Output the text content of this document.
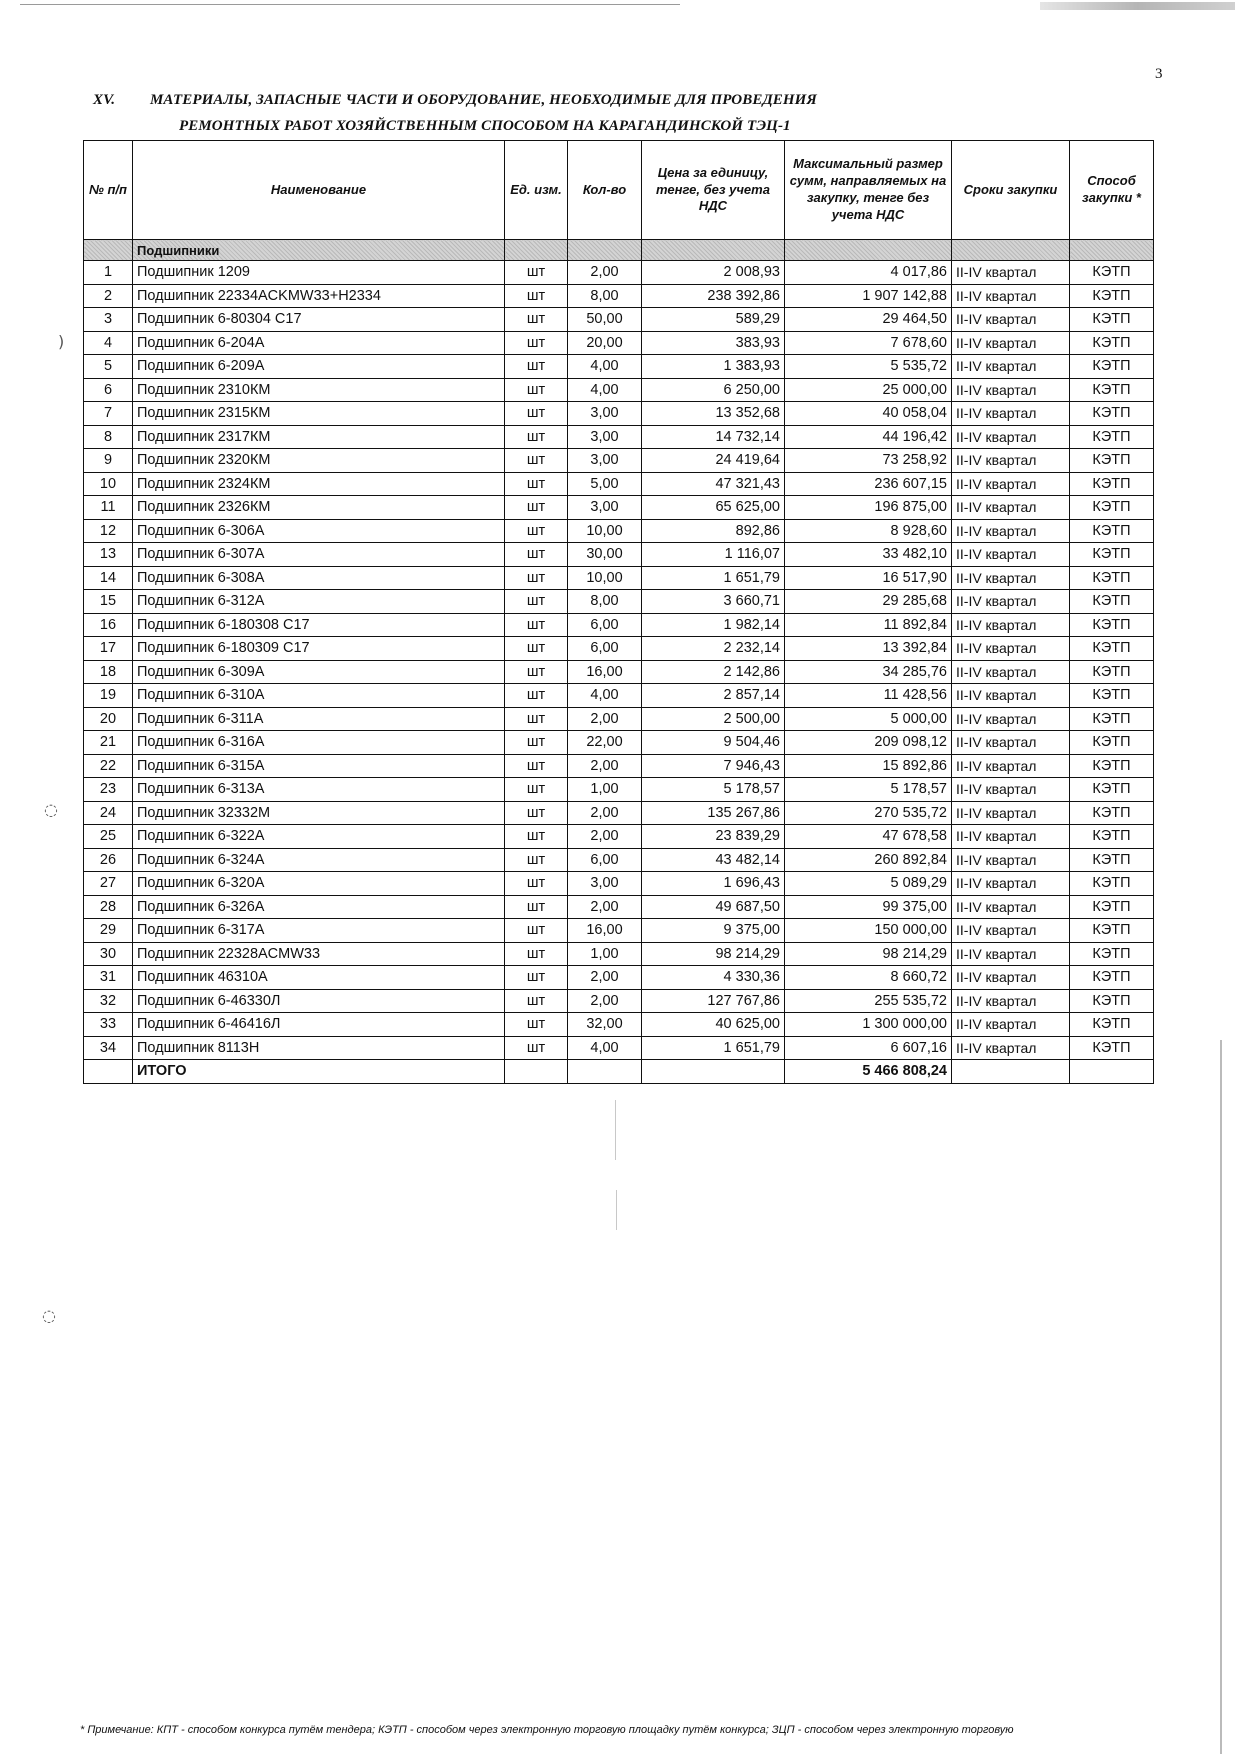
3
XV. МАТЕРИАЛЫ, ЗАПАСНЫЕ ЧАСТИ И ОБОРУДОВАНИЕ, НЕОБХОДИМЫЕ ДЛЯ ПРОВЕДЕНИЯ
РЕМОНТНЫХ РАБОТ ХОЗЯЙСТВЕННЫМ СПОСОБОМ НА КАРАГАНДИНСКОЙ ТЭЦ-1
№ п/п	Наименование	Ед. изм.	Кол-во	Цена за единицу, тенге, без учета НДС	Максимальный размер сумм, направляемых на закупку, тенге без учета НДС	Сроки закупки	Способ закупки *
	Подшипники						
1	Подшипник 1209	шт	2,00	2 008,93	4 017,86	II-IV квартал	КЭТП
2	Подшипник 22334ACKMW33+H2334	шт	8,00	238 392,86	1 907 142,88	II-IV квартал	КЭТП
3	Подшипник 6-80304 С17	шт	50,00	589,29	29 464,50	II-IV квартал	КЭТП
4	Подшипник 6-204А	шт	20,00	383,93	7 678,60	II-IV квартал	КЭТП
5	Подшипник 6-209А	шт	4,00	1 383,93	5 535,72	II-IV квартал	КЭТП
6	Подшипник 2310КМ	шт	4,00	6 250,00	25 000,00	II-IV квартал	КЭТП
7	Подшипник 2315КМ	шт	3,00	13 352,68	40 058,04	II-IV квартал	КЭТП
8	Подшипник 2317КМ	шт	3,00	14 732,14	44 196,42	II-IV квартал	КЭТП
9	Подшипник 2320КМ	шт	3,00	24 419,64	73 258,92	II-IV квартал	КЭТП
10	Подшипник 2324КМ	шт	5,00	47 321,43	236 607,15	II-IV квартал	КЭТП
11	Подшипник 2326КМ	шт	3,00	65 625,00	196 875,00	II-IV квартал	КЭТП
12	Подшипник 6-306А	шт	10,00	892,86	8 928,60	II-IV квартал	КЭТП
13	Подшипник 6-307А	шт	30,00	1 116,07	33 482,10	II-IV квартал	КЭТП
14	Подшипник 6-308А	шт	10,00	1 651,79	16 517,90	II-IV квартал	КЭТП
15	Подшипник 6-312А	шт	8,00	3 660,71	29 285,68	II-IV квартал	КЭТП
16	Подшипник 6-180308 С17	шт	6,00	1 982,14	11 892,84	II-IV квартал	КЭТП
17	Подшипник 6-180309 С17	шт	6,00	2 232,14	13 392,84	II-IV квартал	КЭТП
18	Подшипник 6-309А	шт	16,00	2 142,86	34 285,76	II-IV квартал	КЭТП
19	Подшипник 6-310А	шт	4,00	2 857,14	11 428,56	II-IV квартал	КЭТП
20	Подшипник 6-311А	шт	2,00	2 500,00	5 000,00	II-IV квартал	КЭТП
21	Подшипник 6-316А	шт	22,00	9 504,46	209 098,12	II-IV квартал	КЭТП
22	Подшипник 6-315А	шт	2,00	7 946,43	15 892,86	II-IV квартал	КЭТП
23	Подшипник 6-313А	шт	1,00	5 178,57	5 178,57	II-IV квартал	КЭТП
24	Подшипник 32332М	шт	2,00	135 267,86	270 535,72	II-IV квартал	КЭТП
25	Подшипник 6-322А	шт	2,00	23 839,29	47 678,58	II-IV квартал	КЭТП
26	Подшипник 6-324А	шт	6,00	43 482,14	260 892,84	II-IV квартал	КЭТП
27	Подшипник 6-320А	шт	3,00	1 696,43	5 089,29	II-IV квартал	КЭТП
28	Подшипник 6-326А	шт	2,00	49 687,50	99 375,00	II-IV квартал	КЭТП
29	Подшипник 6-317А	шт	16,00	9 375,00	150 000,00	II-IV квартал	КЭТП
30	Подшипник 22328ACMW33	шт	1,00	98 214,29	98 214,29	II-IV квартал	КЭТП
31	Подшипник 46310А	шт	2,00	4 330,36	8 660,72	II-IV квартал	КЭТП
32	Подшипник 6-46330Л	шт	2,00	127 767,86	255 535,72	II-IV квартал	КЭТП
33	Подшипник 6-46416Л	шт	32,00	40 625,00	1 300 000,00	II-IV квартал	КЭТП
34	Подшипник 8113Н	шт	4,00	1 651,79	6 607,16	II-IV квартал	КЭТП
	ИТОГО				5 466 808,24		
)
◌
◌
* Примечание: КПТ - способом конкурса путём тендера; КЭТП - способом через электронную торговую площадку путём конкурса; ЗЦП - способом через электронную торговую
